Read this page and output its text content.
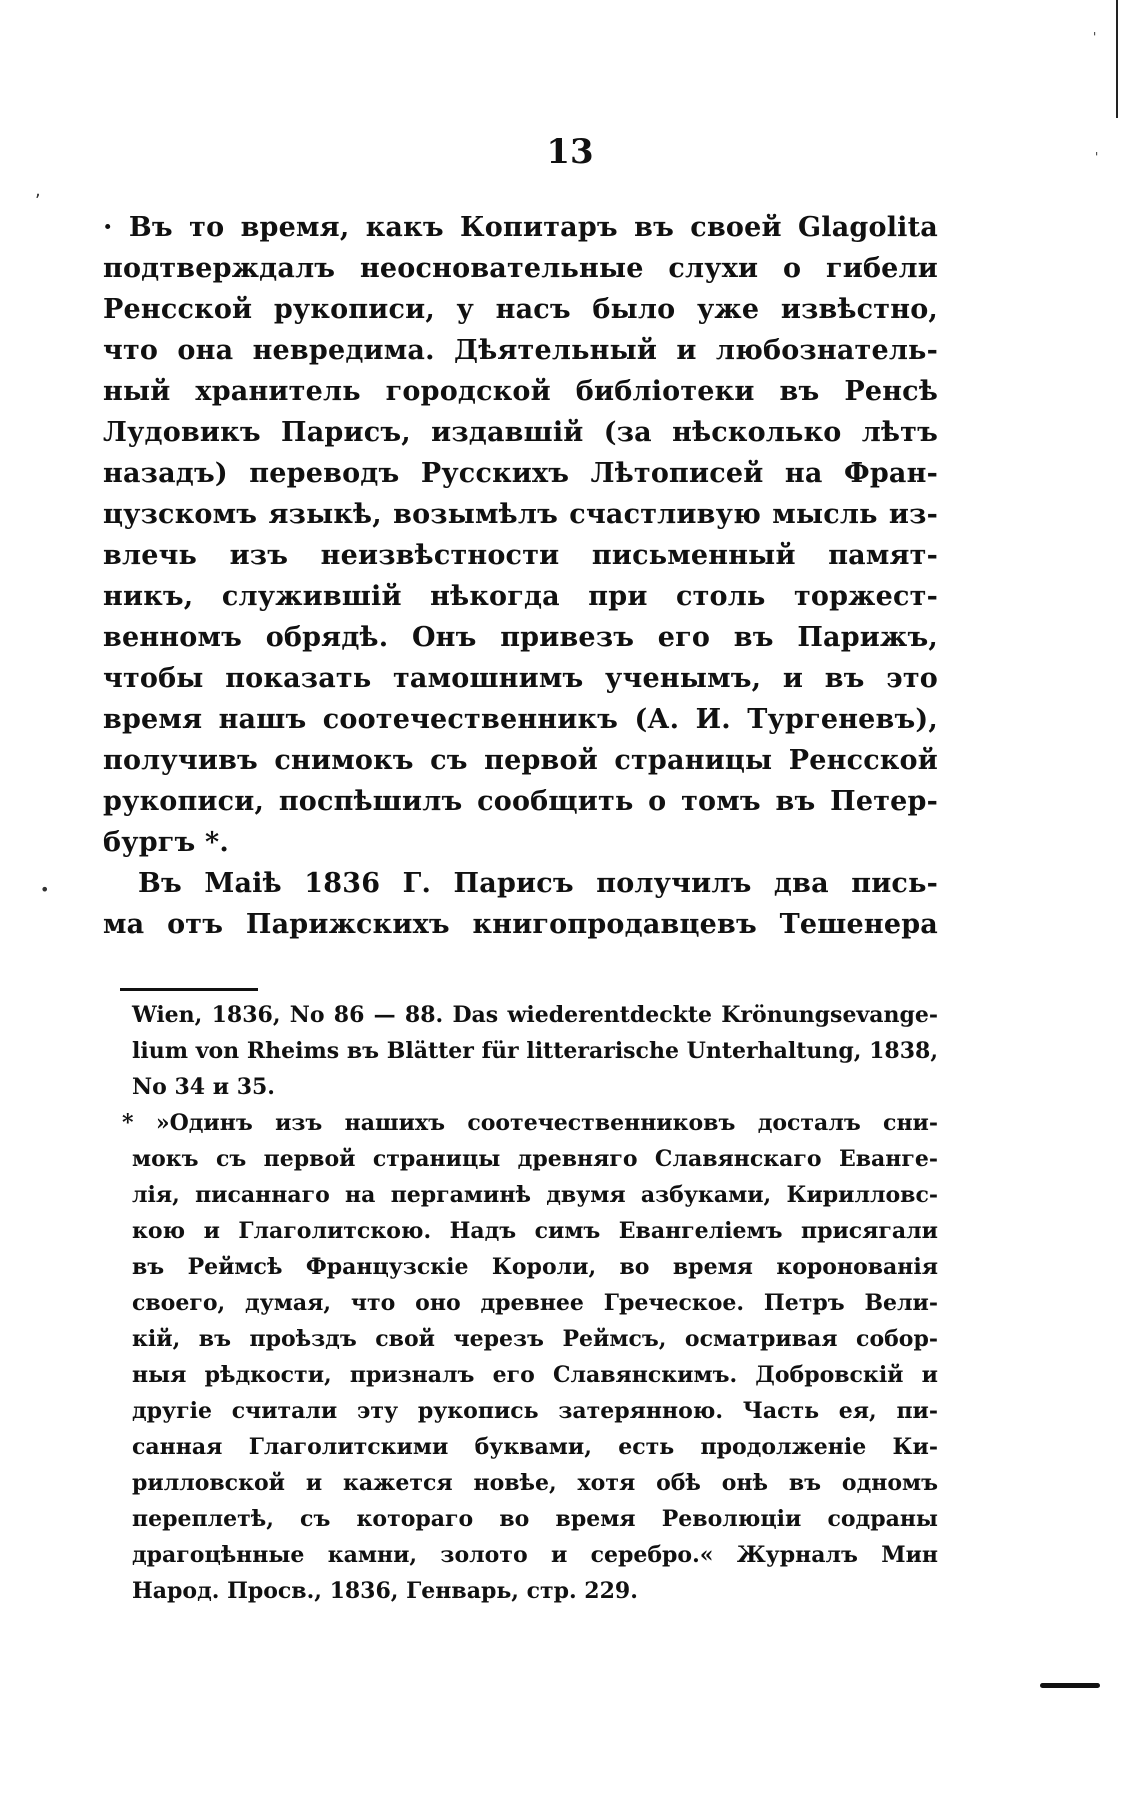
'
'
,
•
13
· Въ то время, какъ Копитаръ въ своей Glagolita
подтверждалъ неосновательные слухи о гибели
Ренсской рукописи, у насъ было уже извѣстно,
что она невредима. Дѣятельный и любознатель-
ный хранитель городской библіотеки въ Ренсѣ
Лудовикъ Парисъ, издавшій (за нѣсколько лѣтъ
назадъ) переводъ Русскихъ Лѣтописей на Фран-
цузскомъ языкѣ, возымѣлъ счастливую мысль из-
влечь изъ неизвѣстности письменный памят-
никъ, служившій нѣкогда при столь торжест-
венномъ обрядѣ. Онъ привезъ его въ Парижъ,
чтобы показать тамошнимъ ученымъ, и въ это
время нашъ соотечественникъ (А. И. Тургеневъ),
получивъ снимокъ съ первой страницы Ренсской
рукописи, поспѣшилъ сообщить о томъ въ Петер-
бургъ *.
Въ Маіѣ 1836 Г. Парисъ получилъ два пись-
ма отъ Парижскихъ книгопродавцевъ Тешенера
Wien, 1836, No 86 — 88. Das wiederentdeckte Krönungsevange-
lium von Rheims въ Blätter für litterarische Unterhaltung, 1838,
No 34 и 35.
* »Одинъ изъ нашихъ соотечественниковъ досталъ сни-
мокъ съ первой страницы древняго Славянскаго Еванге-
лія, писаннаго на пергаминѣ двумя азбуками, Кирилловс-
кою и Глаголитскою. Надъ симъ Евангеліемъ присягали
въ Реймсѣ Французскіе Короли, во время коронованія
своего, думая, что оно древнее Греческое. Петръ Вели-
кій, въ проѣздъ свой черезъ Реймсъ, осматривая собор-
ныя рѣдкости, призналъ его Славянскимъ. Добровскій и
другіе считали эту рукопись затерянною. Часть ея, пи-
санная Глаголитскими буквами, есть продолженіе Ки-
рилловской и кажется новѣе, хотя обѣ онѣ въ одномъ
переплетѣ, съ котораго во время Революціи содраны
драгоцѣнные камни, золото и серебро.« Журналъ Мин
Народ. Просв., 1836, Генварь, стр. 229.
